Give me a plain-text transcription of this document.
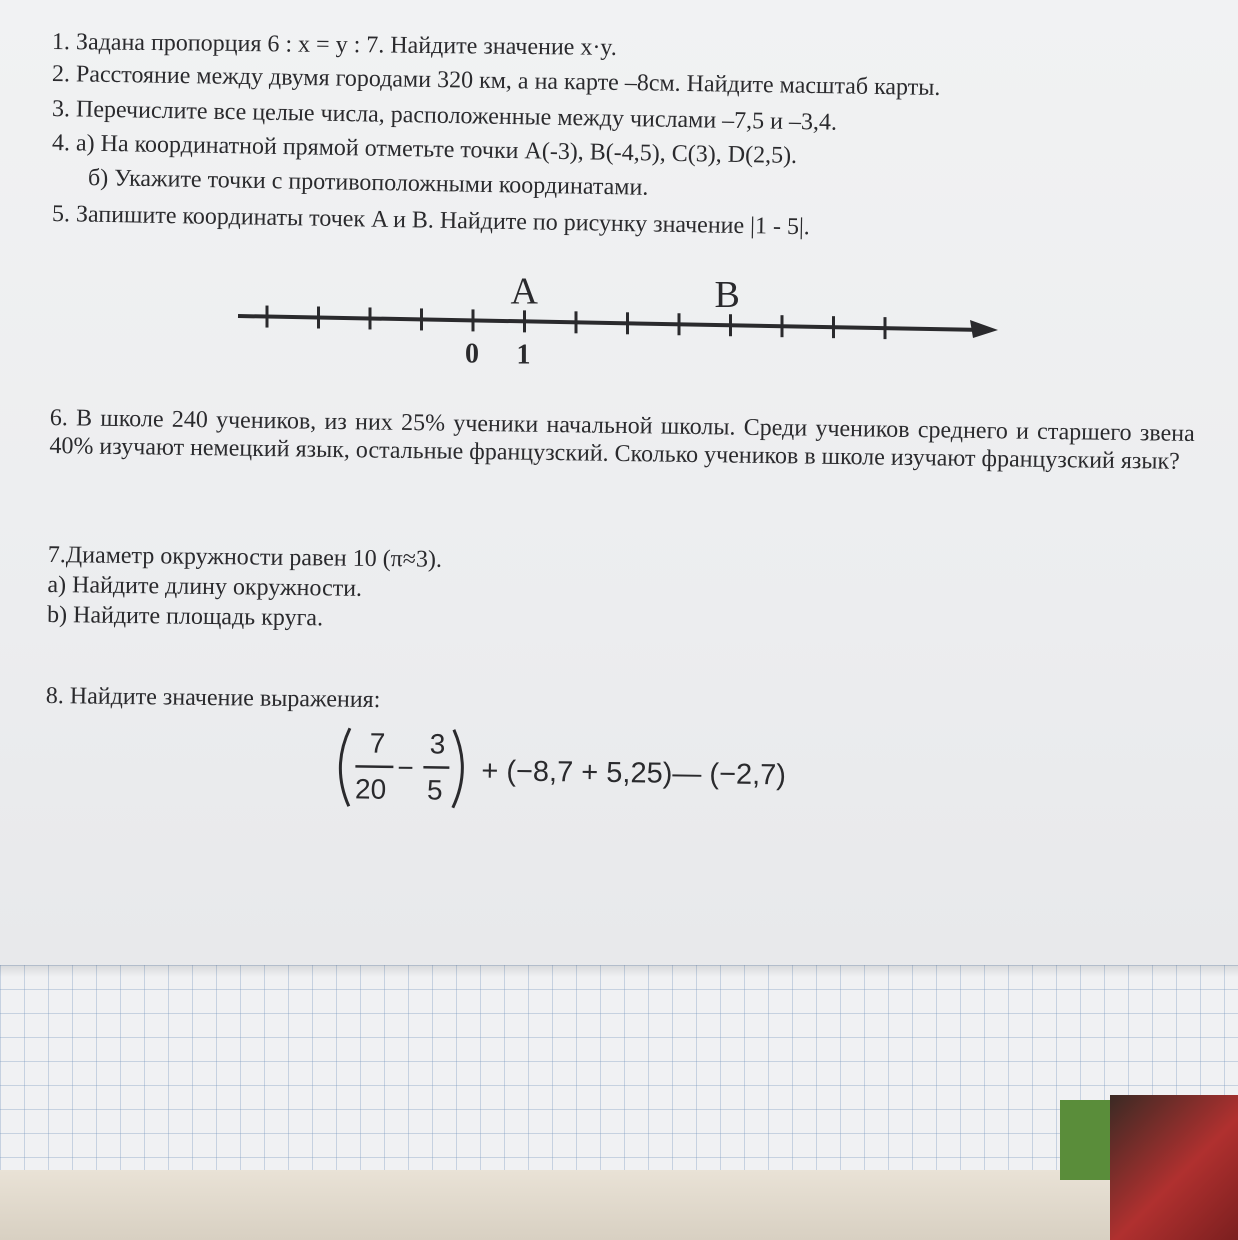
1. Задана пропорция 6 : x = y : 7. Найдите значение x·y.
2. Расстояние между двумя городами 320 км, а на карте –8см. Найдите масштаб карты.
3. Перечислите все целые числа, расположенные между числами –7,5 и –3,4.
4. а) На координатной прямой отметьте точки A(-3), B(-4,5), C(3), D(2,5).
б) Укажите точки с противоположными координатами.
5. Запишите координаты точек A и B. Найдите по рисунку значение |1 - 5|.
A	B
0 1
6. В школе 240 учеников, из них 25% ученики начальной школы. Среди учеников среднего и старшего звена 40% изучают немецкий язык, остальные французский. Сколько учеников в школе изучают французский язык?
7.Диаметр окружности равен 10 (π≈3).
a) Найдите длину окружности.
b) Найдите площадь круга.
8. Найдите значение выражения:
7
20
−
3
5 + (−8,7 + 5,25)— (−2,7)
